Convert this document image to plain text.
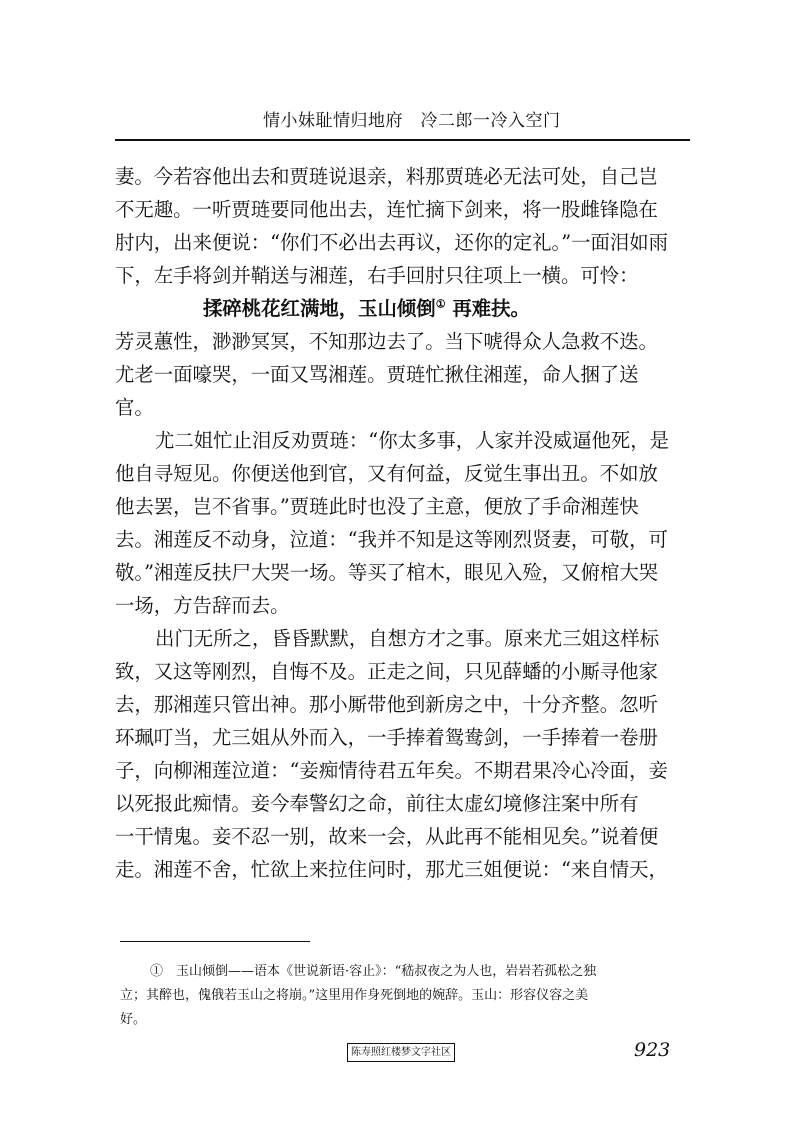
情小妹耻情归地府　冷二郎一冷入空门
妻。今若容他出去和贾琏说退亲，料那贾琏必无法可处，自己岂
不无趣。一听贾琏要同他出去，连忙摘下剑来，将一股雌锋隐在
肘内，出来便说：“你们不必出去再议，还你的定礼。”一面泪如雨
下，左手将剑并鞘送与湘莲，右手回肘只往项上一横。可怜：
揉碎桃花红满地，玉山倾倒① 再难扶。
芳灵蕙性，渺渺冥冥，不知那边去了。当下唬得众人急救不迭。
尤老一面嚎哭，一面又骂湘莲。贾琏忙揪住湘莲，命人捆了送
官。
尤二姐忙止泪反劝贾琏：“你太多事，人家并没威逼他死，是
他自寻短见。你便送他到官，又有何益，反觉生事出丑。不如放
他去罢，岂不省事。”贾琏此时也没了主意，便放了手命湘莲快
去。湘莲反不动身，泣道：“我并不知是这等刚烈贤妻，可敬，可
敬。”湘莲反扶尸大哭一场。等买了棺木，眼见入殓，又俯棺大哭
一场，方告辞而去。
出门无所之，昏昏默默，自想方才之事。原来尤三姐这样标
致，又这等刚烈，自悔不及。正走之间，只见薛蟠的小厮寻他家
去，那湘莲只管出神。那小厮带他到新房之中，十分齐整。忽听
环珮叮当，尤三姐从外而入，一手捧着鸳鸯剑，一手捧着一卷册
子，向柳湘莲泣道：“妾痴情待君五年矣。不期君果冷心冷面，妾
以死报此痴情。妾今奉警幻之命，前往太虚幻境修注案中所有
一干情鬼。妾不忍一别，故来一会，从此再不能相见矣。”说着便
走。湘莲不舍，忙欲上来拉住问时，那尤三姐便说：“来自情天，
①　玉山倾倒——语本《世说新语·容止》：“嵇叔夜之为人也，岩岩若孤松之独
立；其醉也，傀俄若玉山之将崩。”这里用作身死倒地的婉辞。玉山：形容仪容之美
好。
陈寿照红楼梦文字社区	923
